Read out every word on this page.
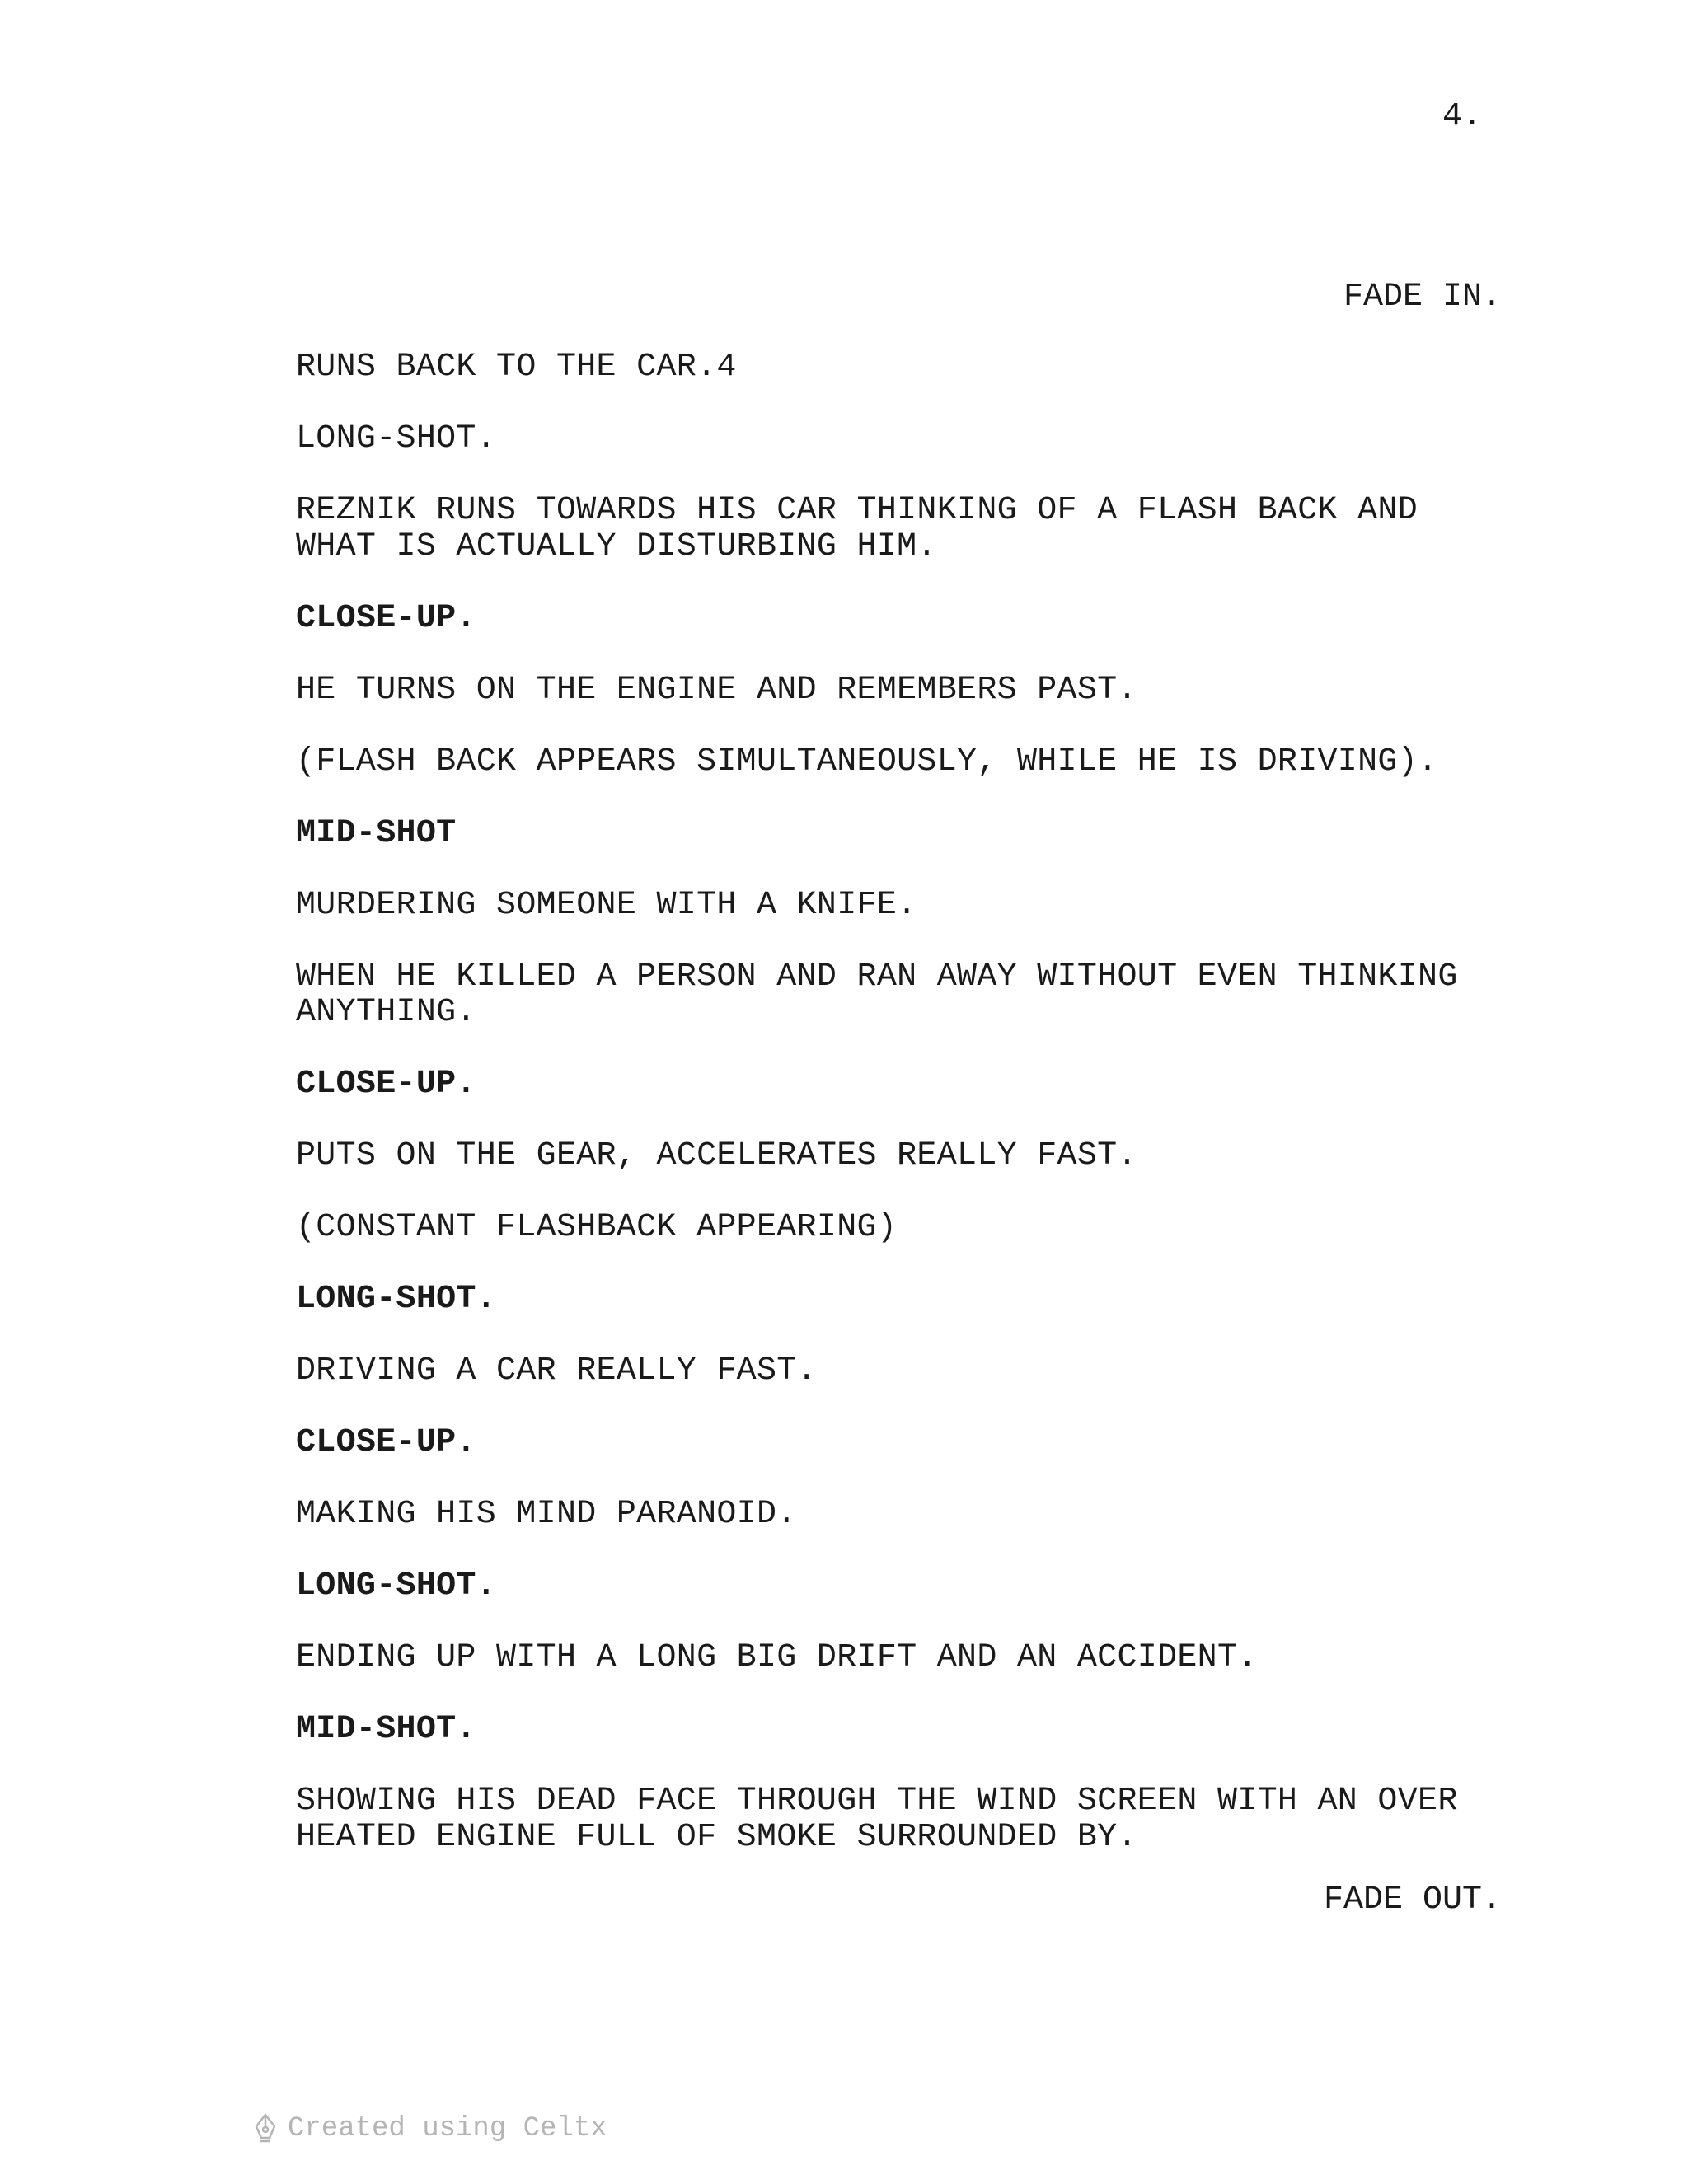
4.
FADE IN.
RUNS BACK TO THE CAR.4
LONG-SHOT.
REZNIK RUNS TOWARDS HIS CAR THINKING OF A FLASH BACK AND WHAT IS ACTUALLY DISTURBING HIM.
CLOSE-UP.
HE TURNS ON THE ENGINE AND REMEMBERS PAST.
(FLASH BACK APPEARS SIMULTANEOUSLY, WHILE HE IS DRIVING).
MID-SHOT
MURDERING SOMEONE WITH A KNIFE.
WHEN HE KILLED A PERSON AND RAN AWAY WITHOUT EVEN THINKING ANYTHING.
CLOSE-UP.
PUTS ON THE GEAR, ACCELERATES REALLY FAST.
(CONSTANT FLASHBACK APPEARING)
LONG-SHOT.
DRIVING A CAR REALLY FAST.
CLOSE-UP.
MAKING HIS MIND PARANOID.
LONG-SHOT.
ENDING UP WITH A LONG BIG DRIFT AND AN ACCIDENT.
MID-SHOT.
SHOWING HIS DEAD FACE THROUGH THE WIND SCREEN WITH AN OVER HEATED ENGINE FULL OF SMOKE SURROUNDED BY.
FADE OUT.
Created using Celtx
